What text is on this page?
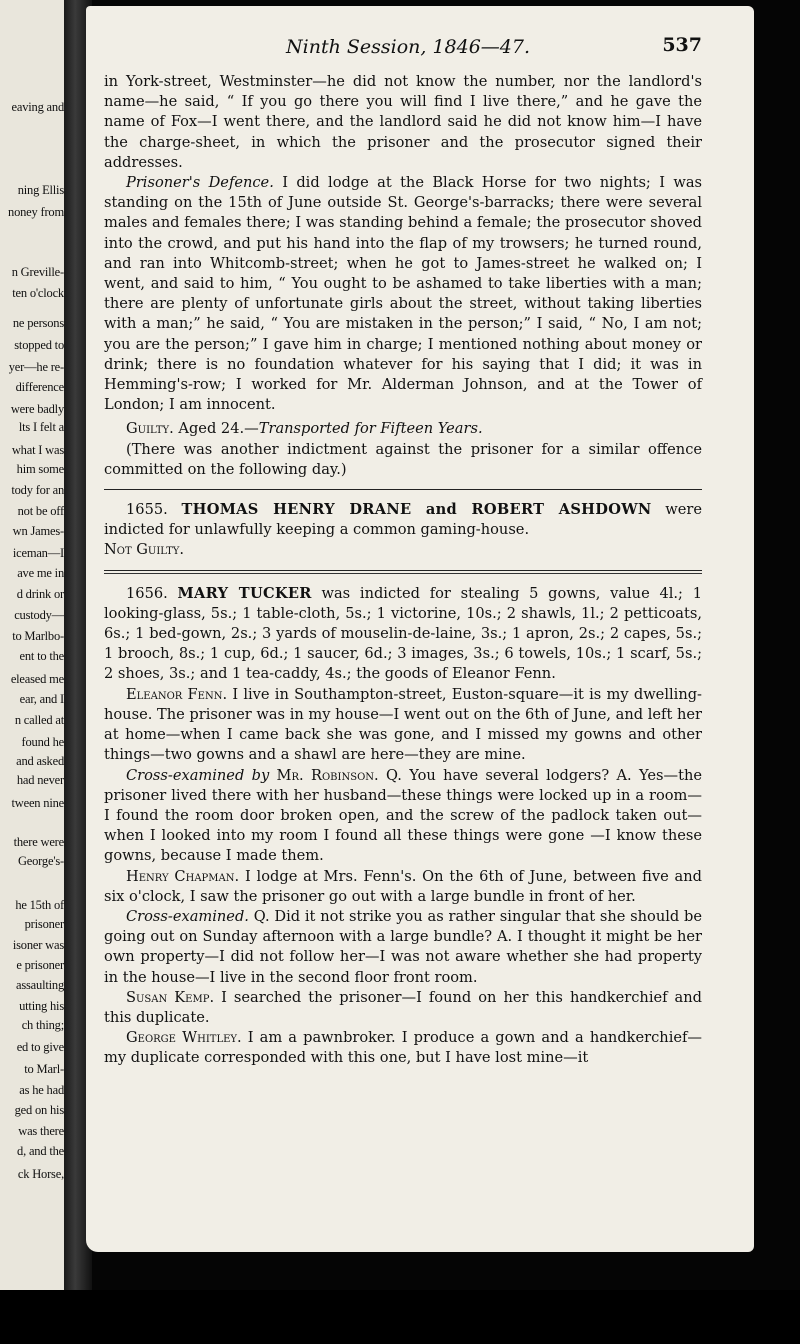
eaving and
ning Ellis
noney from
n Greville-
ten o'clock
ne persons
stopped to
yer—he re-
difference
were badly
lts I felt a
what I was
him some
tody for an
not be off
wn James-
iceman—I
ave me in
d drink or
custody—
to Marlbo-
ent to the
eleased me
ear, and I
n called at
found he
and asked
had never
tween nine
there were
George's-
he 15th of
prisoner
isoner was
e prisoner
assaulting
utting his
ch thing;
ed to give
to Marl-
as he had
ged on his
was there
d, and the
ck Horse,
Ninth Session, 1846—47.	537

in York-street, Westminster—he did not know the number, nor the landlord's name—he said, “ If you go there you will find I live there,” and he gave the name of Fox—I went there, and the landlord said he did not know him—I have the charge-sheet, in which the prisoner and the prosecutor signed their addresses.

Prisoner's Defence. I did lodge at the Black Horse for two nights; I was standing on the 15th of June outside St. George's-barracks; there were several males and females there; I was standing behind a female; the prosecutor shoved into the crowd, and put his hand into the flap of my trowsers; he turned round, and ran into Whitcomb-street; when he got to James-street he walked on; I went, and said to him, “ You ought to be ashamed to take liberties with a man; there are plenty of unfortunate girls about the street, without taking liberties with a man;” he said, “ You are mistaken in the person;” I said, “ No, I am not; you are the person;” I gave him in charge; I mentioned nothing about money or drink; there is no foundation whatever for his saying that I did; it was in Hemming's-row; I worked for Mr. Alderman Johnson, and at the Tower of London; I am innocent.

Guilty. Aged 24.—Transported for Fifteen Years.

(There was another indictment against the prisoner for a similar offence committed on the following day.)

1655. THOMAS HENRY DRANE and ROBERT ASHDOWN were indicted for unlawfully keeping a common gaming-house.

Not Guilty.

1656. MARY TUCKER was indicted for stealing 5 gowns, value 4l.; 1 looking-glass, 5s.; 1 table-cloth, 5s.; 1 victorine, 10s.; 2 shawls, 1l.; 2 petticoats, 6s.; 1 bed-gown, 2s.; 3 yards of mouselin-de-laine, 3s.; 1 apron, 2s.; 2 capes, 5s.; 1 brooch, 8s.; 1 cup, 6d.; 1 saucer, 6d.; 3 images, 3s.; 6 towels, 10s.; 1 scarf, 5s.; 2 shoes, 3s.; and 1 tea-caddy, 4s.; the goods of Eleanor Fenn.

Eleanor Fenn. I live in Southampton-street, Euston-square—it is my dwelling-house. The prisoner was in my house—I went out on the 6th of June, and left her at home—when I came back she was gone, and I missed my gowns and other things—two gowns and a shawl are here—they are mine.

Cross-examined by Mr. Robinson. Q. You have several lodgers? A. Yes—the prisoner lived there with her husband—these things were locked up in a room—I found the room door broken open, and the screw of the padlock taken out—when I looked into my room I found all these things were gone —I know these gowns, because I made them.

Henry Chapman. I lodge at Mrs. Fenn's. On the 6th of June, between five and six o'clock, I saw the prisoner go out with a large bundle in front of her.

Cross-examined. Q. Did it not strike you as rather singular that she should be going out on Sunday afternoon with a large bundle? A. I thought it might be her own property—I did not follow her—I was not aware whether she had property in the house—I live in the second floor front room.

Susan Kemp. I searched the prisoner—I found on her this handkerchief and this duplicate.

George Whitley. I am a pawnbroker. I produce a gown and a handkerchief—my duplicate corresponded with this one, but I have lost mine—it
